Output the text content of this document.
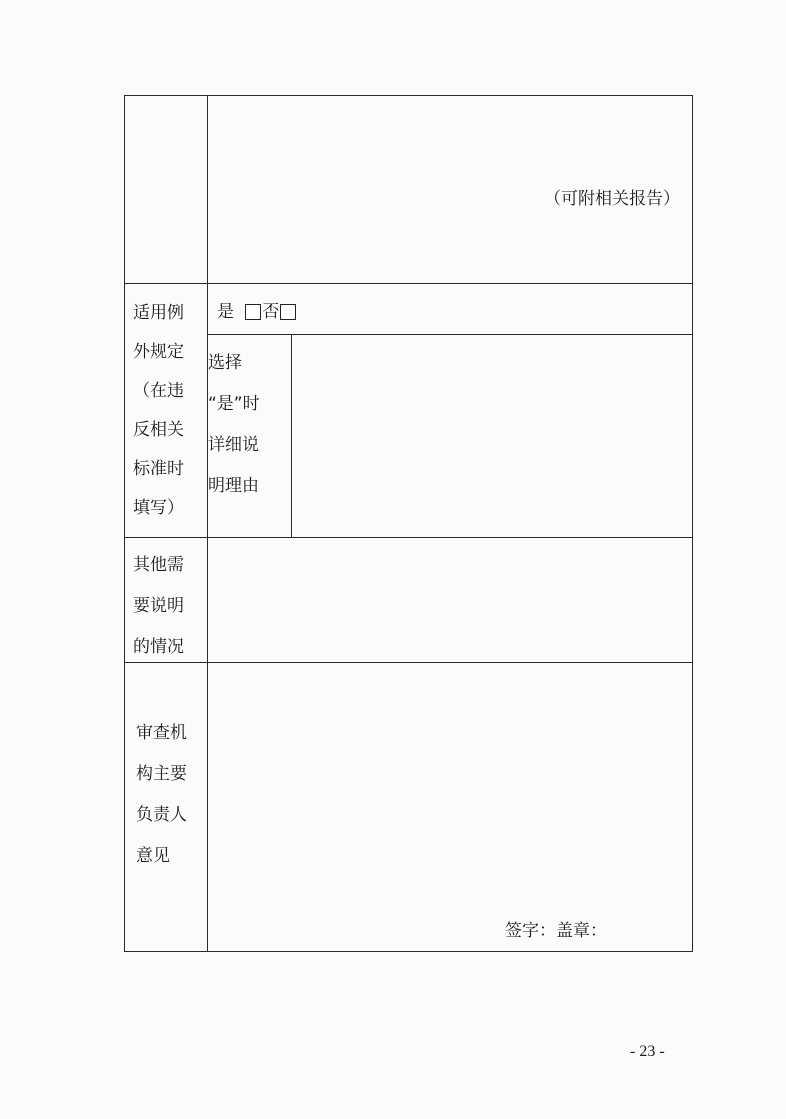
（可附相关报告）
适用例
外规定
（在违
反相关
标准时
填写）
是 否
选择
“是”时
详细说
明理由
其他需
要说明
的情况
审查机
构主要
负责人
意见
签字：盖章：
- 23 -
